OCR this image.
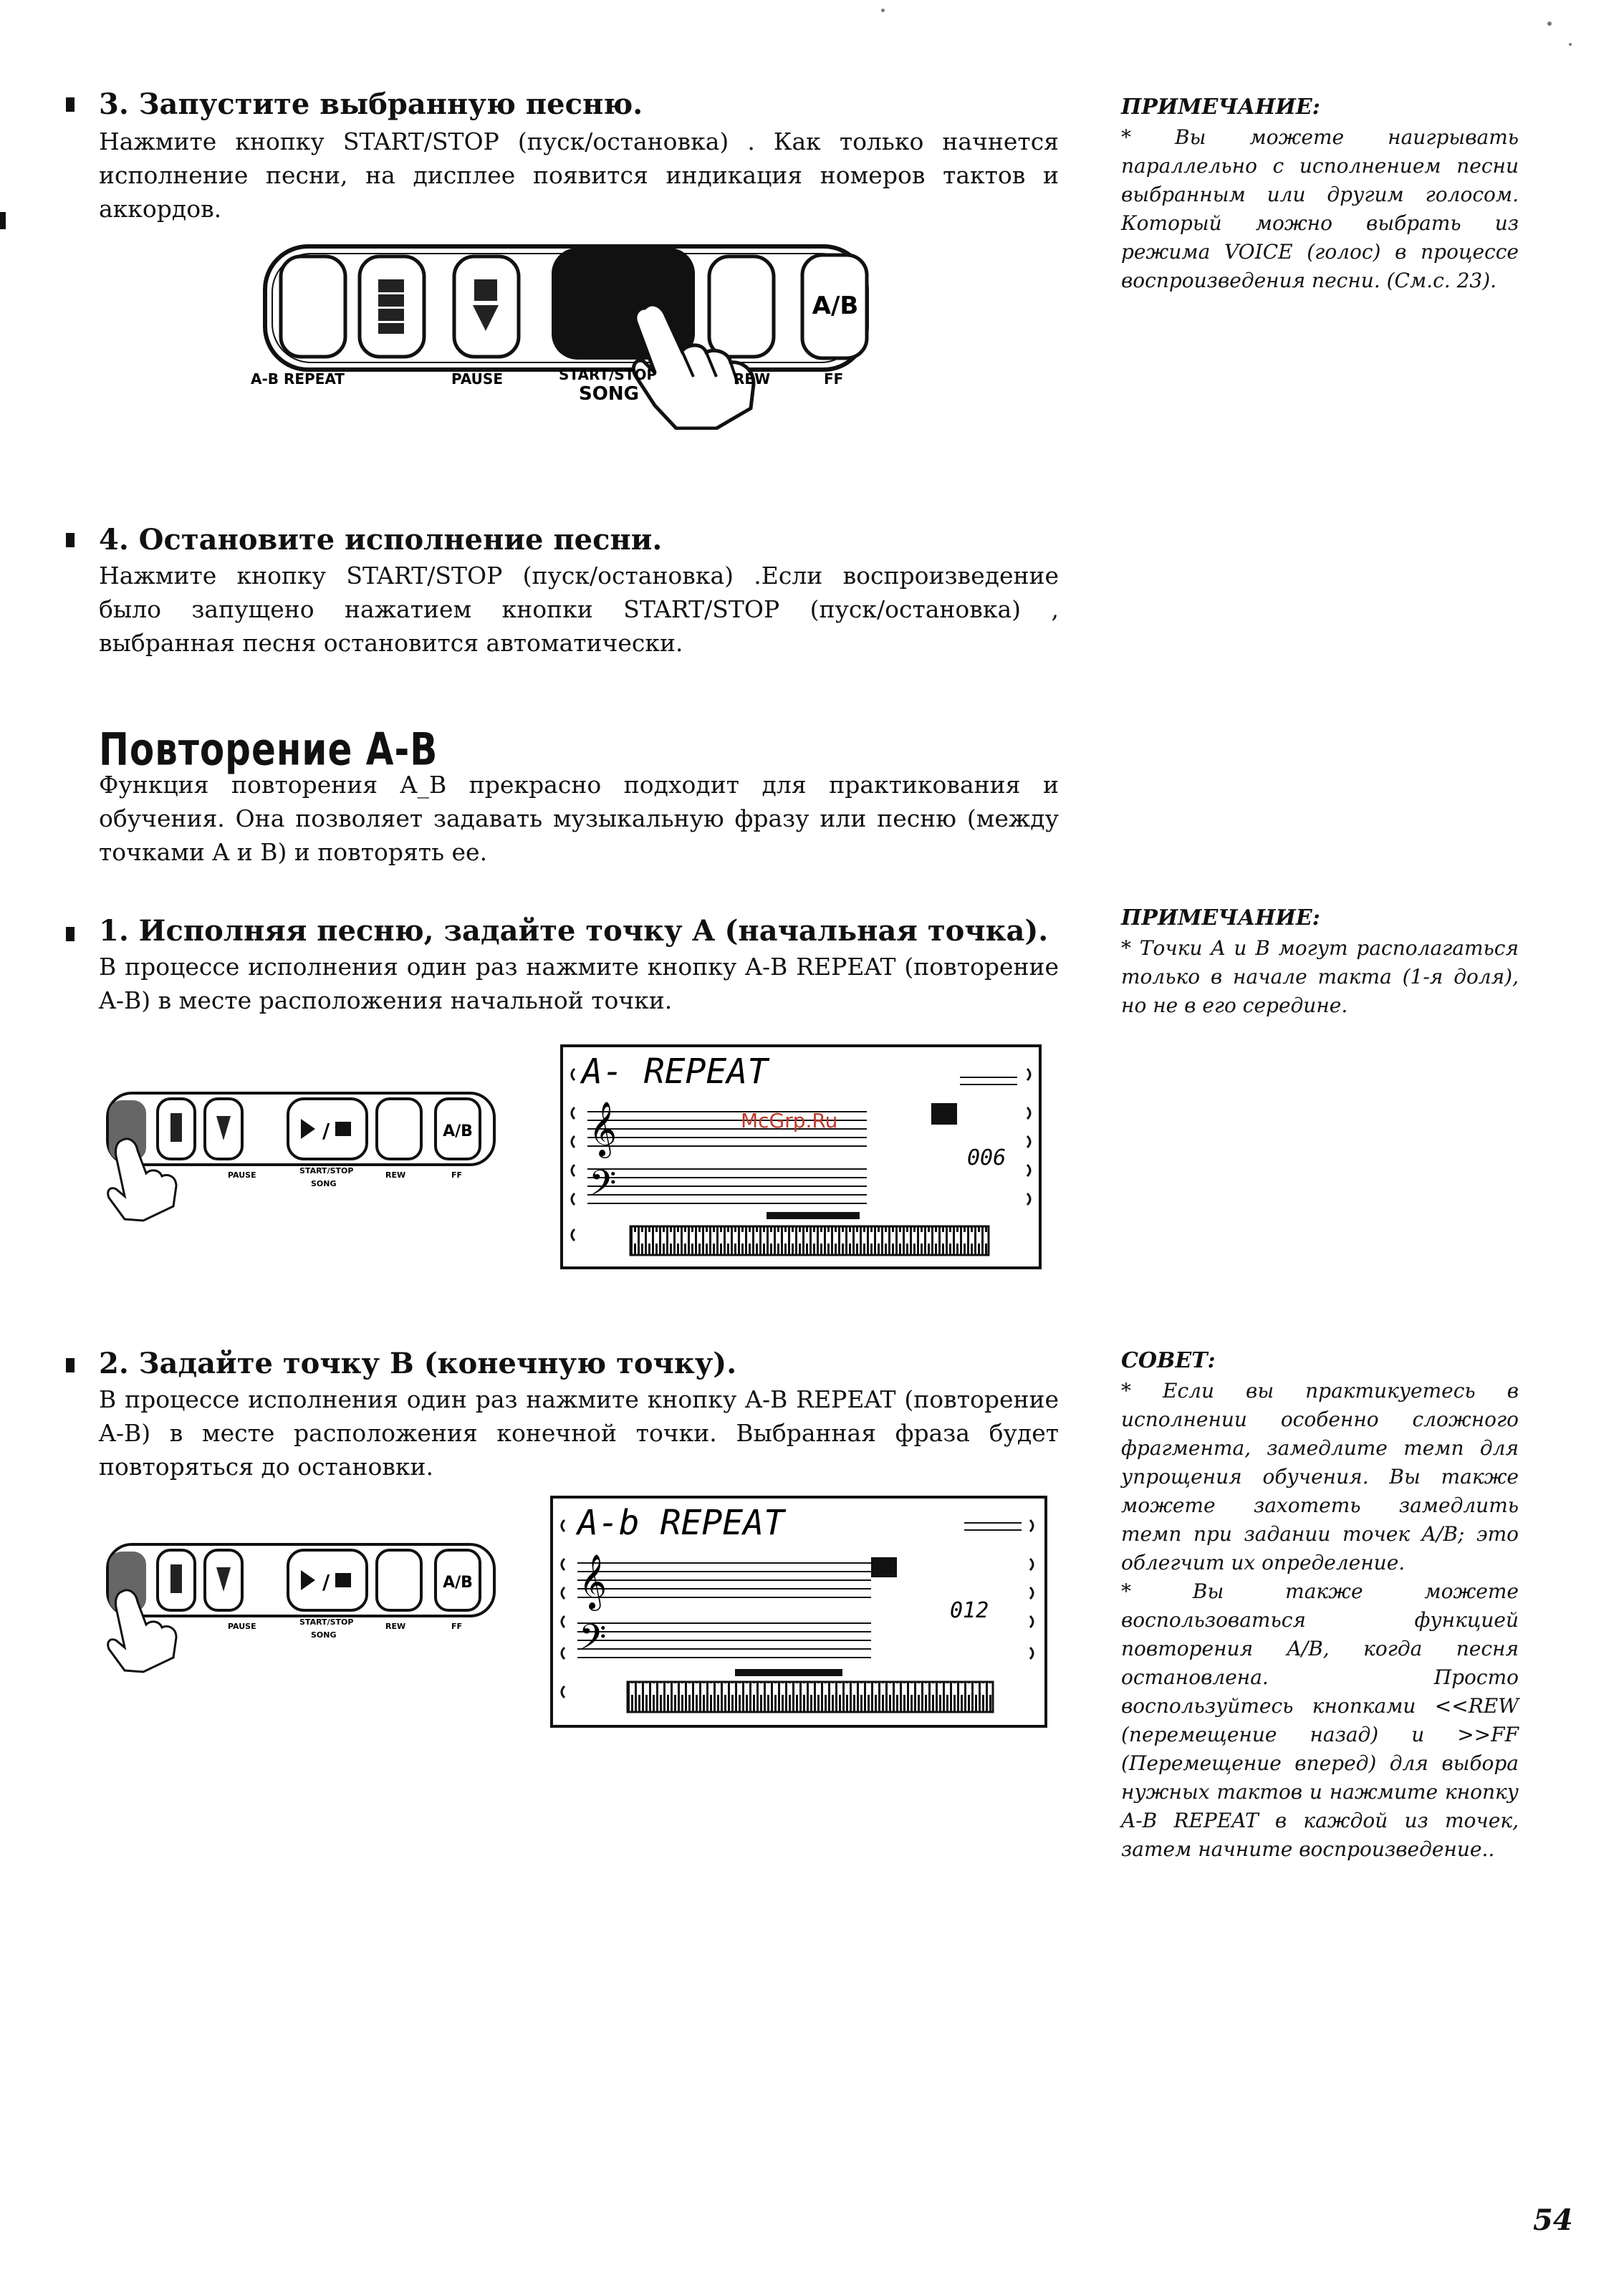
3. Запустите выбранную песню.
Нажмите кнопку START/STOP (пуск/остановка) . Как только начнется исполнение песни, на дисплее появится индикация номеров тактов и аккордов.
A/B
A-B REPEAT	PAUSE	START/STOP	REW	FF
SONG
ПРИМЕЧАНИЕ:
* Вы можете наигрывать параллельно с исполнением песни выбранным или другим голосом. Который можно выбрать из режима VOICE (голос) в процессе воспроизведения песни. (См.с. 23).
4. Остановите исполнение песни.
Нажмите кнопку START/STOP (пуск/остановка) .Если воспроизведение было запущено нажатием кнопки START/STOP (пуск/остановка) , выбранная песня остановится автоматически.
Повторение A-B
Функция повторения A_B прекрасно подходит для практикования и обучения. Она позволяет задавать музыкальную фразу или песню (между точками A и B) и повторять ее.
1. Исполняя песню, задайте точку A (начальная точка).
В процессе исполнения один раз нажмите кнопку A-B REPEAT (повторение A-B) в месте расположения начальной точки.
ПРИМЕЧАНИЕ:
* Точки A и B могут располагаться только в начале такта (1-я доля), но не в его середине.
/	A/B
PAUSE	START/STOP	REW	FF
SONG
A- REPEAT
𝄞
𝄢
006
McGrp.Ru
2. Задайте точку B (конечную точку).
В процессе исполнения один раз нажмите кнопку A-B REPEAT (повторение A-B) в месте расположения конечной точки. Выбранная фраза будет повторяться до остановки.
СОВЕТ:
* Если вы практикуетесь в исполнении особенно сложного фрагмента, замедлите темп для упрощения обучения. Вы также можете захотеть замедлить темп при задании точек A/B; это облегчит их определение.
* Вы также можете воспользоваться функцией повторения A/B, когда песня остановлена. Просто воспользуйтесь кнопками <<REW (перемещение назад) и >>FF (Перемещение вперед) для выбора нужных тактов и нажмите кнопку A-B REPEAT в каждой из точек, затем начните воспроизведение..
/	A/B
PAUSE	START/STOP	REW	FF
SONG
A-b REPEAT
𝄞
𝄢
012
54
